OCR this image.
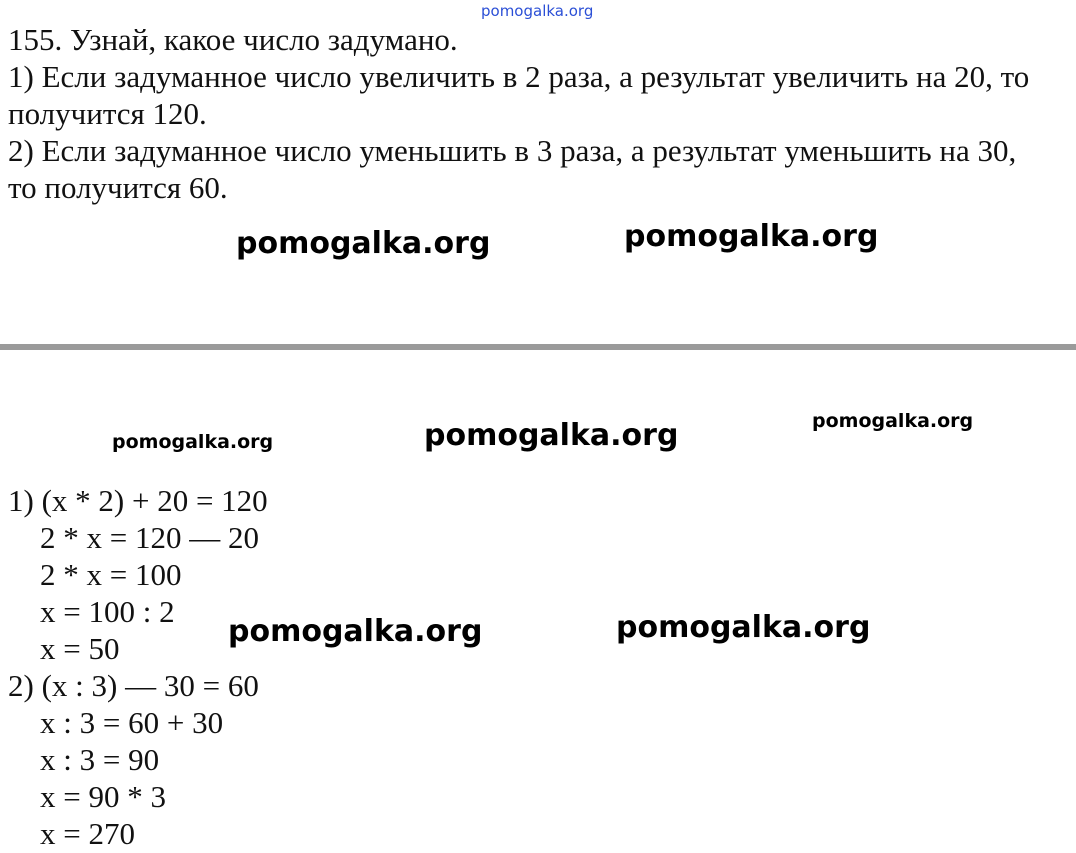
pomogalka.org
155. Узнай, какое число задумано.
1) Если задуманное число увеличить в 2 раза, а результат увеличить на 20, то
получится 120.
2) Если задуманное число уменьшить в 3 раза, а результат уменьшить на 30,
то получится 60.
pomogalka.org	pomogalka.org
pomogalka.org	pomogalka.org	pomogalka.org
1) (x * 2) + 20 = 120
2 * x = 120 — 20
2 * x = 100
x = 100 : 2
x = 50
2) (x : 3) — 30 = 60
x : 3 = 60 + 30
x : 3 = 90
x = 90 * 3
x = 270
pomogalka.org	pomogalka.org
